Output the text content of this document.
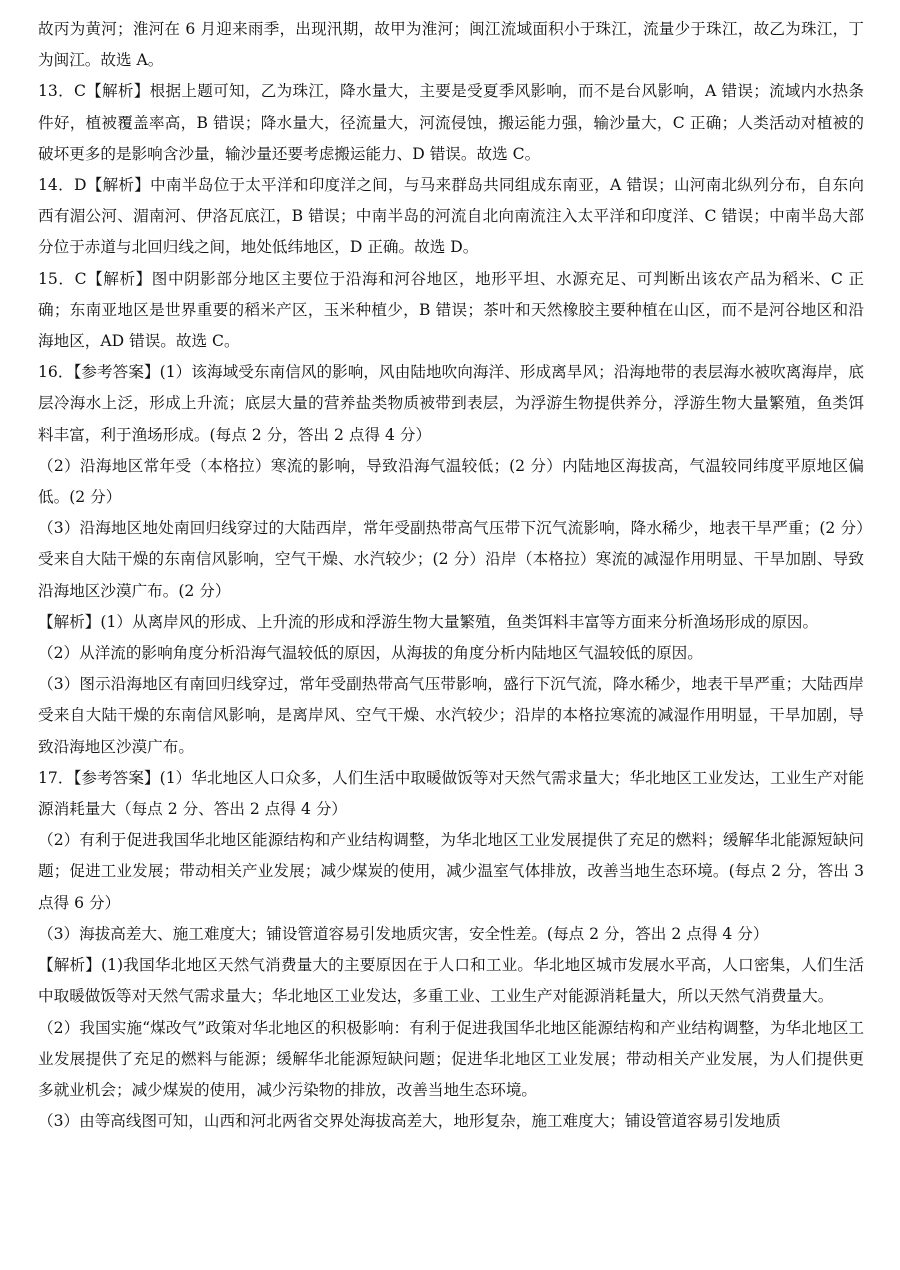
故丙为黄河；淮河在 6 月迎来雨季，出现汛期，故甲为淮河；闽江流域面积小于珠江，流量少于珠江，故乙为珠江，丁为闽江。故选 A。

13．C【解析】根据上题可知，乙为珠江，降水量大，主要是受夏季风影响，而不是台风影响，A 错误；流域内水热条件好，植被覆盖率高，B 错误；降水量大，径流量大，河流侵蚀，搬运能力强，输沙量大，C 正确；人类活动对植被的破坏更多的是影响含沙量，输沙量还要考虑搬运能力、D 错误。故选 C。

14．D【解析】中南半岛位于太平洋和印度洋之间，与马来群岛共同组成东南亚，A 错误；山河南北纵列分布，自东向西有湄公河、湄南河、伊洛瓦底江，B 错误；中南半岛的河流自北向南流注入太平洋和印度洋、C 错误；中南半岛大部分位于赤道与北回归线之间，地处低纬地区，D 正确。故选 D。

15．C【解析】图中阴影部分地区主要位于沿海和河谷地区，地形平坦、水源充足、可判断出该农产品为稻米、C 正确；东南亚地区是世界重要的稻米产区，玉米种植少，B 错误；茶叶和天然橡胶主要种植在山区，而不是河谷地区和沿海地区，AD 错误。故选 C。

16．【参考答案】(1）该海域受东南信风的影响，风由陆地吹向海洋、形成离旱风；沿海地带的表层海水被吹离海岸，底层冷海水上泛，形成上升流；底层大量的营养盐类物质被带到表层，为浮游生物提供养分，浮游生物大量繁殖，鱼类饵料丰富，利于渔场形成。(每点 2 分，答出 2 点得 4 分）

（2）沿海地区常年受（本格拉）寒流的影响，导致沿海气温较低；(2 分）内陆地区海拔高，气温较同纬度平原地区偏低。(2 分）

（3）沿海地区地处南回归线穿过的大陆西岸，常年受副热带高气压带下沉气流影响，降水稀少，地表干旱严重；(2 分）受来自大陆干燥的东南信风影响，空气干燥、水汽较少；(2 分）沿岸（本格拉）寒流的减湿作用明显、干旱加剧、导致沿海地区沙漠广布。(2 分）

【解析】(1）从离岸风的形成、上升流的形成和浮游生物大量繁殖，鱼类饵料丰富等方面来分析渔场形成的原因。

（2）从洋流的影响角度分析沿海气温较低的原因，从海拔的角度分析内陆地区气温较低的原因。

（3）图示沿海地区有南回归线穿过，常年受副热带高气压带影响，盛行下沉气流，降水稀少，地表干旱严重；大陆西岸受来自大陆干燥的东南信风影响，是离岸风、空气干燥、水汽较少；沿岸的本格拉寒流的减湿作用明显，干旱加剧，导致沿海地区沙漠广布。

17．【参考答案】(1）华北地区人口众多，人们生活中取暖做饭等对天然气需求量大；华北地区工业发达，工业生产对能源消耗量大（每点 2 分、答出 2 点得 4 分）

（2）有利于促进我国华北地区能源结构和产业结构调整，为华北地区工业发展提供了充足的燃料；缓解华北能源短缺问题；促进工业发展；带动相关产业发展；减少煤炭的使用，减少温室气体排放，改善当地生态环境。(每点 2 分，答出 3 点得 6 分）

（3）海拔高差大、施工难度大；铺设管道容易引发地质灾害，安全性差。(每点 2 分，答出 2 点得 4 分）

【解析】(1)我国华北地区天然气消费量大的主要原因在于人口和工业。华北地区城市发展水平高，人口密集，人们生活中取暖做饭等对天然气需求量大；华北地区工业发达，多重工业、工业生产对能源消耗量大，所以天然气消费量大。

（2）我国实施“煤改气”政策对华北地区的积极影响：有利于促进我国华北地区能源结构和产业结构调整，为华北地区工业发展提供了充足的燃料与能源；缓解华北能源短缺问题；促进华北地区工业发展；带动相关产业发展，为人们提供更多就业机会；减少煤炭的使用，减少污染物的排放，改善当地生态环境。

（3）由等高线图可知，山西和河北两省交界处海拔高差大，地形复杂，施工难度大；铺设管道容易引发地质
